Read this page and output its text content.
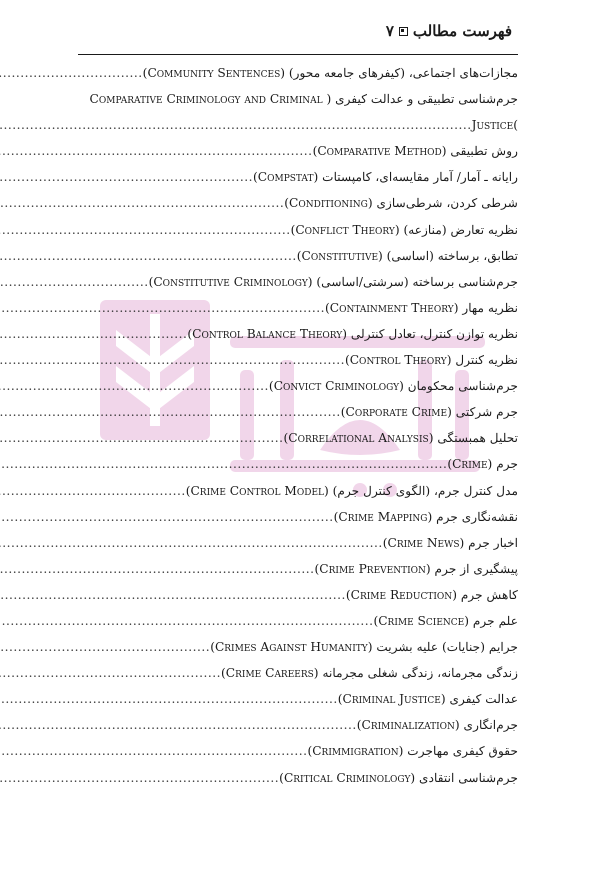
فهرست مطالب
۷
مجازات‌های اجتماعی، (کیفرهای جامعه محور) (Community Sentences)
.....
جرم‌شناسی تطبیقی و عدالت کیفری ( Comparative Criminology and Criminal
)Justice
.....
روش تطبیقی (Comparative Method)
.....
رایانه ـ آمار/ آمار مقایسه‌ای، کامپستات (Compstat)
.....
شرطی کردن، شرطی‌سازی (Conditioning)
.....
نظریه تعارض (منازعه) (Conflict Theory)
.....
تطابق، برساخته (اساسی) (Constitutive)
.....
جرم‌شناسی برساخته (سرشتی/اساسی) (Constitutive Criminology)
.....
نظریه مهار (Containment Theory)
.....
نظریه توازن کنترل، تعادل کنترلی (Control Balance Theory)
.....
نظریه کنترل (Control Theory)
.....
جرم‌شناسی محکومان (Convict Criminology)
.....
جرم شرکتی (Corporate Crime)
.....
تحلیل همبستگی (Correlational Analysis)
.....
جرم (Crime)
.....
مدل کنترل جرم، (الگوی کنترل جرم) (Crime Control Model)
.....
نقشه‌نگاری جرم (Crime Mapping)
.....
اخبار جرم (Crime News)
.....
پیشگیری از جرم (Crime Prevention)
.....
کاهش جرم (Crime Reduction)
.....
علم جرم (Crime Science)
.....
جرایم (جنایات) علیه بشریت (Crimes Against Humanity)
.....
زندگی مجرمانه، زندگی شغلی مجرمانه (Crime Careers)
.....
عدالت کیفری (Criminal Justice)
.....
جرم‌انگاری (Criminalization)
.....
حقوق کیفری مهاجرت (Crimmigration)
.....
جرم‌شناسی انتقادی (Critical Criminology)
.....
